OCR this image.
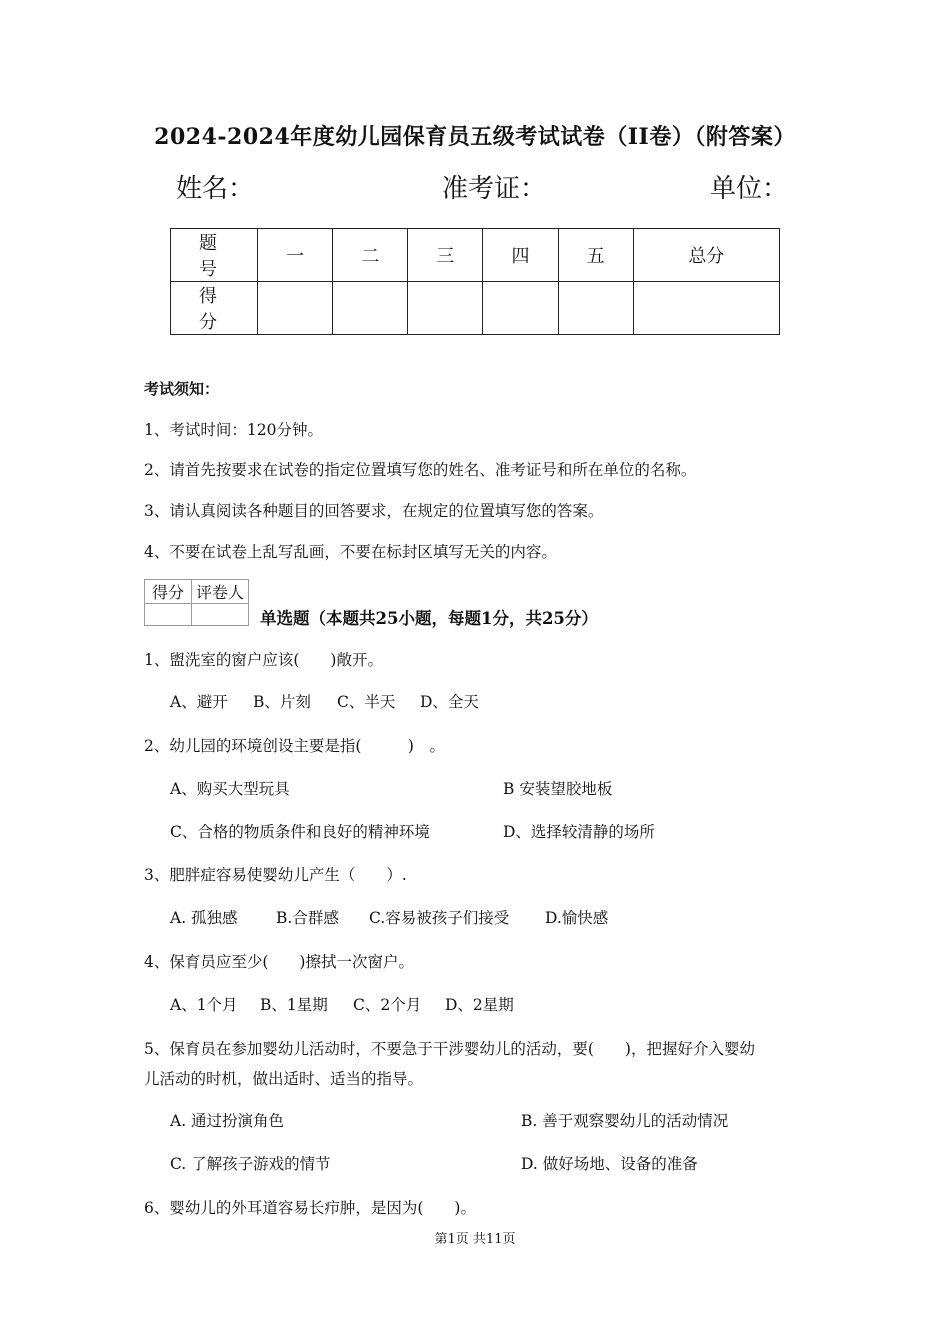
2024-2024年度幼儿园保育员五级考试试卷（II卷）（附答案）
姓名：	准考证：	单位：
题　号	一	二	三	四	五	总分
得　分						
考试须知：
1、考试时间：120分钟。
2、请首先按要求在试卷的指定位置填写您的姓名、准考证号和所在单位的名称。
3、请认真阅读各种题目的回答要求，在规定的位置填写您的答案。
4、不要在试卷上乱写乱画，不要在标封区填写无关的内容。
得分	评卷人

单选题（本题共25小题，每题1分，共25分）
1、盥洗室的窗户应该(　　)敞开。
A、避开 B、片刻 C、半天 D、全天
2、幼儿园的环境创设主要是指(　　　)　。
A、购买大型玩具	B 安装望胶地板
C、合格的物质条件和良好的精神环境	D、选择较清静的场所
3、肥胖症容易使婴幼儿产生（　　）.
A. 孤独感 B.合群感 C.容易被孩子们接受 D.愉快感
4、保育员应至少(　　)擦拭一次窗户。
A、1个月 B、1星期 C、2个月 D、2星期
5、保育员在参加婴幼儿活动时，不要急于干涉婴幼儿的活动，要(　　)，把握好介入婴幼
儿活动的时机，做出适时、适当的指导。
A. 通过扮演角色	B. 善于观察婴幼儿的活动情况
C. 了解孩子游戏的情节	D. 做好场地、设备的准备
6、婴幼儿的外耳道容易长疖肿，是因为(　　)。
第1页 共11页
